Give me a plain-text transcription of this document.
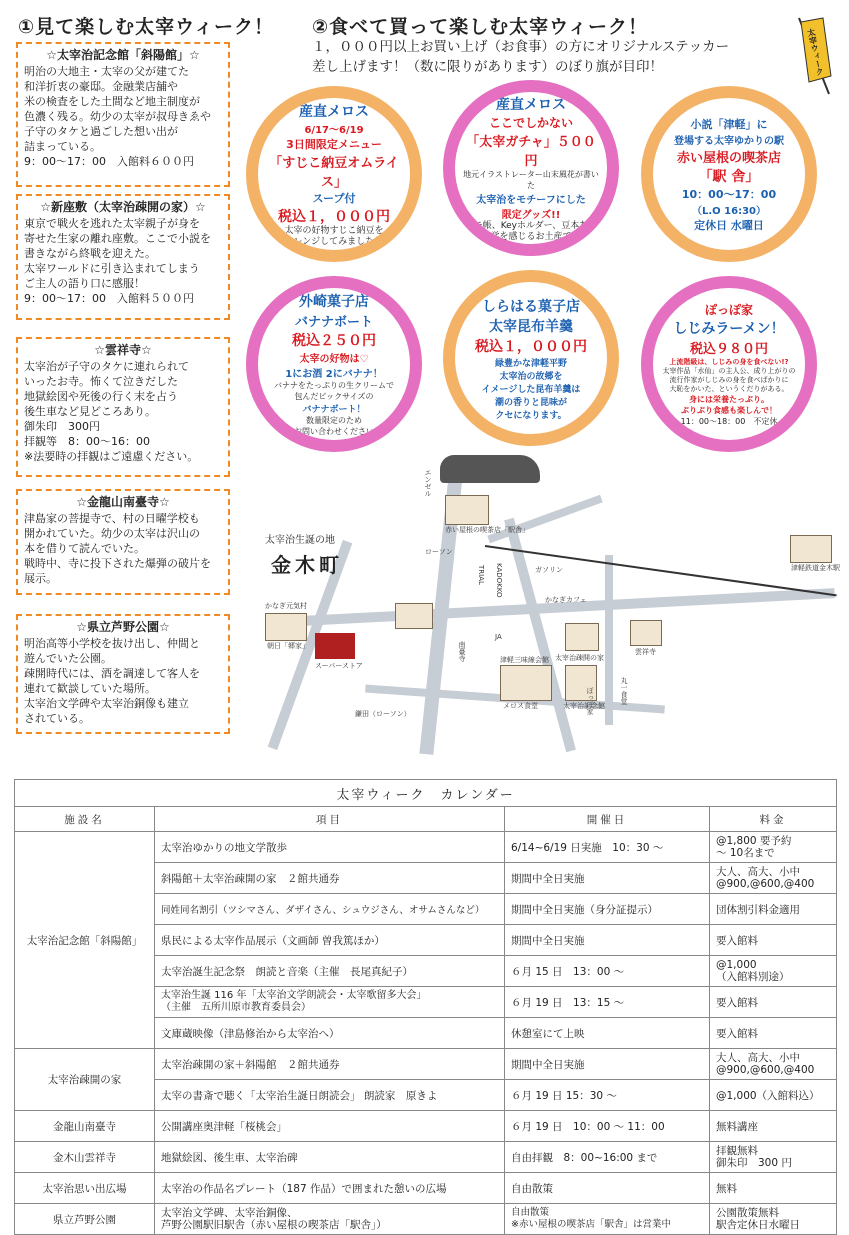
①見て楽しむ太宰ウィーク！ ②食べて買って楽しむ太宰ウィーク！
１，０００円以上お買い上げ（お食事）の方にオリジナルステッカー
差し上げます！（数に限りがあります）のぼり旗が目印！	太宰ウィーク
☆太宰治記念館「斜陽館」☆
明治の大地主・太宰の父が建てた
和洋折衷の豪邸。金融業店舗や
米の検査をした土間など地主制度が
色濃く残る。幼少の太宰が叔母きゑや
子守のタケと過ごした想い出が
詰まっている。
9：00～17：00　入館料６００円
☆新座敷（太宰治疎開の家）☆
東京で戦火を逃れた太宰親子が身を
寄せた生家の離れ座敷。ここで小説を
書きながら終戦を迎えた。
太宰ワールドに引き込まれてしまう
ご主人の語り口に感服！
9：00～17：00　入館料５００円
☆雲祥寺☆
太宰治が子守のタケに連れられて
いったお寺。怖くて泣きだした
地獄絵図や死後の行く末を占う
後生車など見どころあり。
御朱印　300円
拝観等　8：00～16：00
※法要時の拝観はご遠慮ください。
☆金龍山南臺寺☆
津島家の菩提寺で、村の日曜学校も
開かれていた。幼少の太宰は沢山の
本を借りて読んでいた。
戦時中、寺に投下された爆弾の破片を
展示。
☆県立芦野公園☆
明治高等小学校を抜け出し、仲間と
遊んでいた公園。
疎開時代には、酒を調達して客人を
連れて歓談していた場所。
太宰治文学碑や太宰治銅像も建立
されている。
産直メロス
6/17～6/19
3日間限定メニュー
「すじこ納豆オムライス」
スープ付
税込１，０００円
太宰の好物すじこ納豆を
アレンジしてみました！
産直メロス
ここでしかない
「太宰ガチャ」５００円
地元イラストレーター山末風花が書いた
太宰治をモチーフにした
限定グッズ!!
メモ帳、Keyホルダー、豆本など
文学を感じるお土産です
小説「津軽」に
登場する太宰ゆかりの駅
赤い屋根の喫茶店
「駅 舎」
10：00～17：00
（L.O 16:30）
定休日 水曜日
外崎菓子店
バナナボート
税込２５０円
太宰の好物は♡
1にお酒 2にバナナ！
バナナをたっぷりの生クリームで
包んだビックサイズの
バナナボート！
数量限定のため
お問い合わせください
しらはる菓子店
太宰昆布羊羹
税込１，０００円
緑豊かな津軽平野
太宰治の故郷を
イメージした昆布羊羹は
潮の香りと昆味が
クセになります。
ぽっぽ家
しじみラーメン！
税込９８０円
上流階級は、しじみの身を食べない!?
太宰作品「水仙」の主人公、成り上がりの
流行作家がしじみの身を食べばかりに
大恥をかいた、というくだりがある。
身には栄養たっぷり。
ぷりぷり食感も楽しんで！
11：00～18：00　不定休
太宰治生誕の地
金木町
赤い屋根の喫茶店「駅舎」
エンゼル
ローソン
スーパーストア
かなぎ元気村
朝日「郷家」
TRIAL KADOKKO
かなぎカフェ
雲祥寺
南臺寺	津軽三味線会館 太宰治疎開の家
太宰治記念館
メロス食堂
鎌田（ローソン）
JA
丸一食堂
津軽鉄道金木駅
ガソリン
ぽっぽ家
太宰ウィーク　カレンダー			
施設名	項目	開催日	料金
太宰治記念館「斜陽館」	太宰治ゆかりの地文学散歩	6/14~6/19 日実施　10：30 ～	@1,800 要予約
～ 10名まで
	斜陽館＋太宰治疎開の家　２館共通券	期間中全日実施	大人、高大、小中
@900,@600,@400
	同姓同名割引（ツシマさん、ダザイさん、シュウジさん、オサムさんなど）	期間中全日実施（身分証提示）	団体割引料金適用
	県民による太宰作品展示（文画師 曽我篤ほか）	期間中全日実施	要入館料
	太宰治誕生記念祭　朗読と音楽（主催　長尾真紀子）	６月 15 日　13：00 ～	@1,000
（入館料別途）
	太宰治生誕 116 年「太宰治文学朗読会・太宰歌留多大会」
（主催　五所川原市教育委員会）	６月 19 日　13：15 ～	要入館料
	文庫蔵映像（津島修治から太宰治へ）	休憩室にて上映	要入館料
太宰治疎開の家	太宰治疎開の家＋斜陽館　２館共通券	期間中全日実施	大人、高大、小中
@900,@600,@400
	太宰の書斎で聴く「太宰治生誕日朗読会」 朗読家　原きよ	６月 19 日 15：30 ～	@1,000（入館料込）
金龍山南臺寺	公開講座奥津軽「桜桃会」	６月 19 日　10：00 ～ 11：00	無料講座
金木山雲祥寺	地獄絵図、後生車、太宰治碑	自由拝観　8：00~16:00 まで	拝観無料
御朱印　300 円
太宰治思い出広場	太宰治の作品名プレート（187 作品）で囲まれた憩いの広場	自由散策	無料
県立芦野公園	太宰治文学碑、太宰治銅像、
芦野公園駅旧駅舎（赤い屋根の喫茶店「駅舎」）	自由散策
※赤い屋根の喫茶店「駅舎」は営業中	公園散策無料
駅舎定休日水曜日
